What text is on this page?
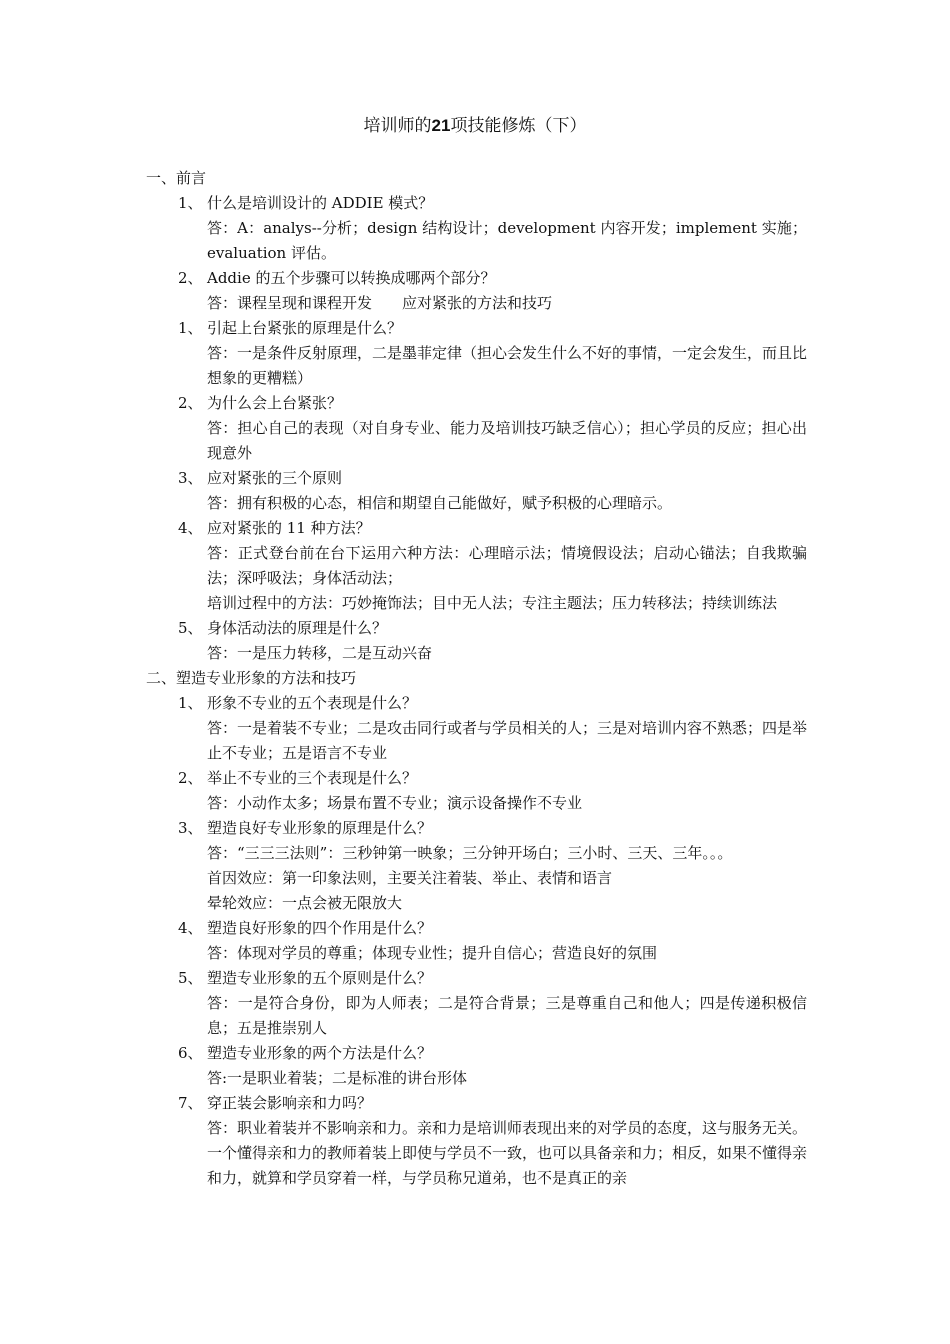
培训师的21项技能修炼（下）
一、前言
1、 什么是培训设计的 ADDIE 模式？
答：A：analys--分析；design 结构设计；development 内容开发；implement 实施；evaluation 评估。
2、 Addie 的五个步骤可以转换成哪两个部分？
答：课程呈现和课程开发　　应对紧张的方法和技巧
1、 引起上台紧张的原理是什么？
答：一是条件反射原理，二是墨菲定律（担心会发生什么不好的事情，一定会发生，而且比想象的更糟糕）
2、 为什么会上台紧张？
答：担心自己的表现（对自身专业、能力及培训技巧缺乏信心）；担心学员的反应；担心出现意外
3、 应对紧张的三个原则
答：拥有积极的心态，相信和期望自己能做好，赋予积极的心理暗示。
4、 应对紧张的 11 种方法？
答：正式登台前在台下运用六种方法：心理暗示法；情境假设法；启动心锚法；自我欺骗法；深呼吸法；身体活动法；
培训过程中的方法：巧妙掩饰法；目中无人法；专注主题法；压力转移法；持续训练法
5、 身体活动法的原理是什么？
答：一是压力转移，二是互动兴奋
二、塑造专业形象的方法和技巧
1、 形象不专业的五个表现是什么？
答：一是着装不专业；二是攻击同行或者与学员相关的人；三是对培训内容不熟悉；四是举止不专业；五是语言不专业
2、 举止不专业的三个表现是什么？
答：小动作太多；场景布置不专业；演示设备操作不专业
3、 塑造良好专业形象的原理是什么？
答：“三三三法则”：三秒钟第一映象；三分钟开场白；三小时、三天、三年。。。
首因效应：第一印象法则，主要关注着装、举止、表情和语言
晕轮效应：一点会被无限放大
4、 塑造良好形象的四个作用是什么？
答：体现对学员的尊重；体现专业性；提升自信心；营造良好的氛围
5、 塑造专业形象的五个原则是什么？
答：一是符合身份，即为人师表；二是符合背景；三是尊重自己和他人；四是传递积极信息；五是推崇别人
6、 塑造专业形象的两个方法是什么？
答:一是职业着装；二是标准的讲台形体
7、 穿正装会影响亲和力吗？
答：职业着装并不影响亲和力。亲和力是培训师表现出来的对学员的态度，这与服务无关。一个懂得亲和力的教师着装上即使与学员不一致，也可以具备亲和力；相反，如果不懂得亲和力，就算和学员穿着一样，与学员称兄道弟，也不是真正的亲
